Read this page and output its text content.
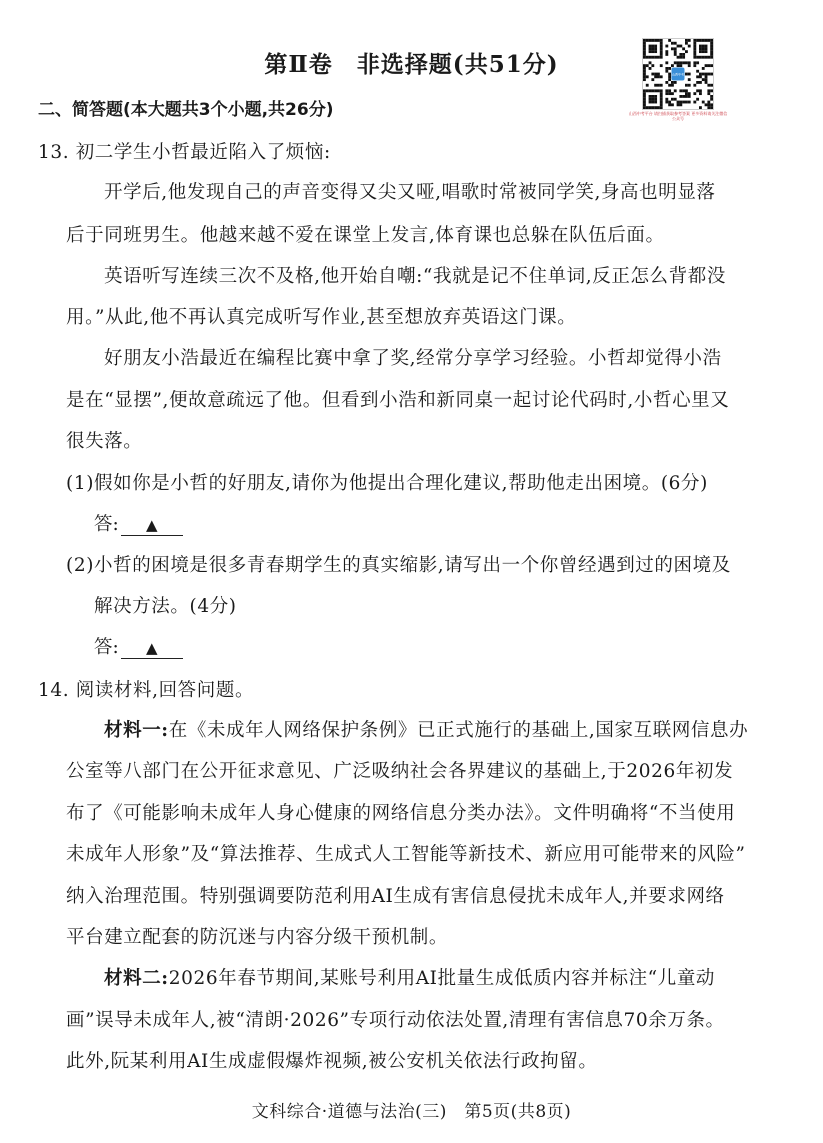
第Ⅱ卷　非选择题(共51分)	山西中考
山西中考平台 请扫描获取参考答案 更多资料请关注微信公众号
二、简答题(本大题共3个小题,共26分)
13. 初二学生小哲最近陷入了烦恼:
开学后,他发现自己的声音变得又尖又哑,唱歌时常被同学笑,身高也明显落
后于同班男生。他越来越不爱在课堂上发言,体育课也总躲在队伍后面。
英语听写连续三次不及格,他开始自嘲:“我就是记不住单词,反正怎么背都没
用。”从此,他不再认真完成听写作业,甚至想放弃英语这门课。
好朋友小浩最近在编程比赛中拿了奖,经常分享学习经验。小哲却觉得小浩
是在“显摆”,便故意疏远了他。但看到小浩和新同桌一起讨论代码时,小哲心里又
很失落。
(1)假如你是小哲的好朋友,请你为他提出合理化建议,帮助他走出困境。(6分)
答: ▲
(2)小哲的困境是很多青春期学生的真实缩影,请写出一个你曾经遇到过的困境及
解决方法。(4分)
答: ▲
14. 阅读材料,回答问题。
材料一:在《未成年人网络保护条例》已正式施行的基础上,国家互联网信息办
公室等八部门在公开征求意见、广泛吸纳社会各界建议的基础上,于2026年初发
布了《可能影响未成年人身心健康的网络信息分类办法》。文件明确将“不当使用
未成年人形象”及“算法推荐、生成式人工智能等新技术、新应用可能带来的风险”
纳入治理范围。特别强调要防范利用AI生成有害信息侵扰未成年人,并要求网络
平台建立配套的防沉迷与内容分级干预机制。
材料二:2026年春节期间,某账号利用AI批量生成低质内容并标注“儿童动
画”误导未成年人,被“清朗·2026”专项行动依法处置,清理有害信息70余万条。
此外,阮某利用AI生成虚假爆炸视频,被公安机关依法行政拘留。
文科综合·道德与法治(三)　第5页(共8页)
